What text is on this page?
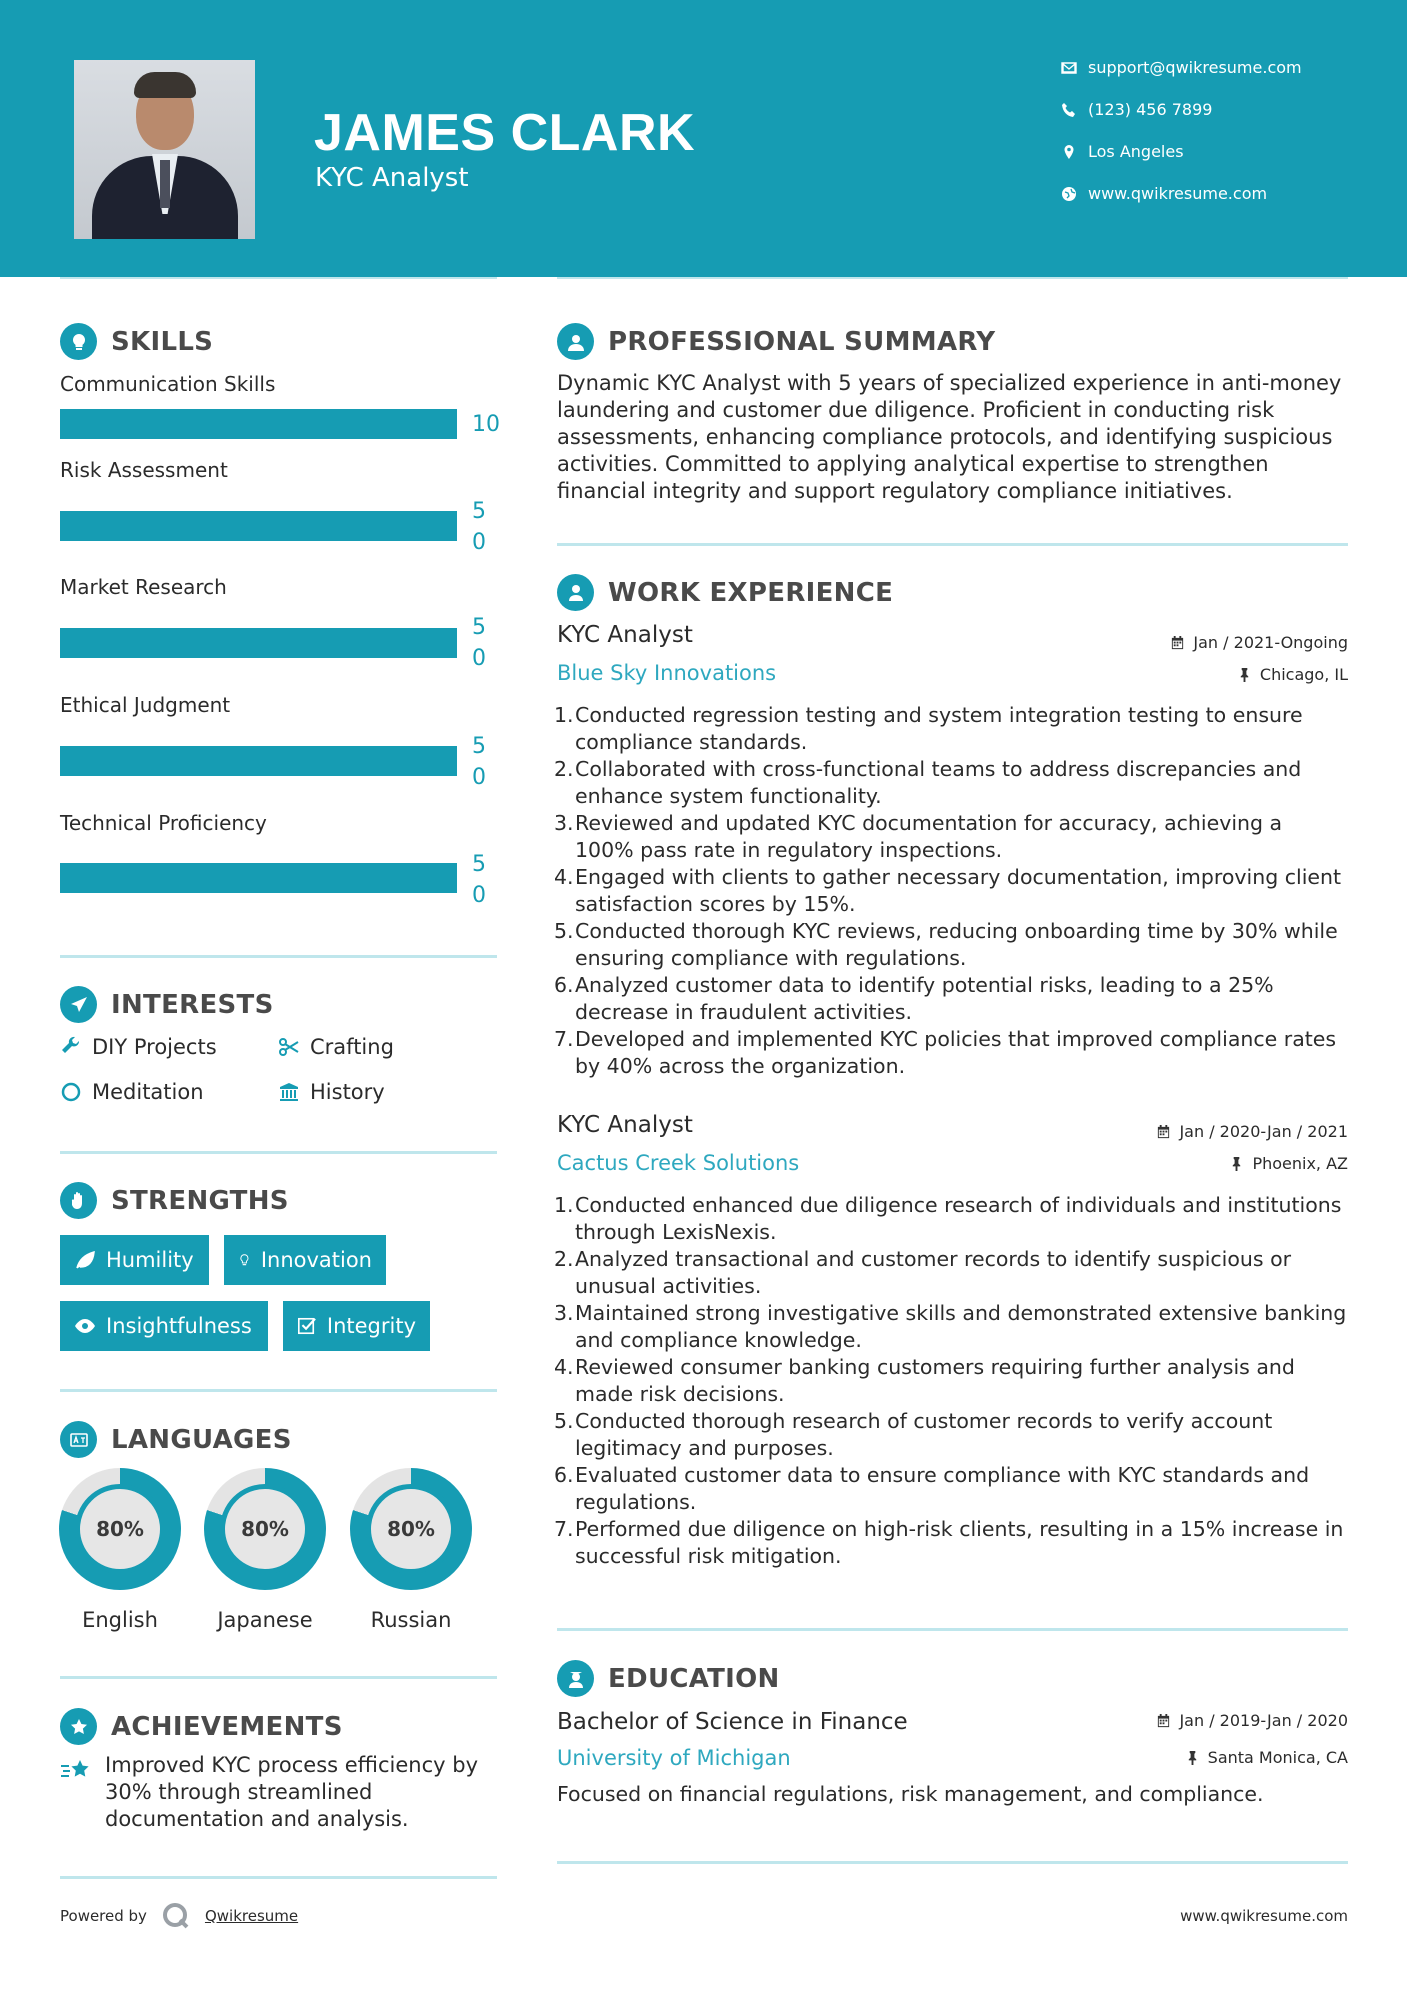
JAMES CLARK
KYC Analyst
support@qwikresume.com
(123) 456 7899
Los Angeles
www.qwikresume.com
SKILLS
Communication Skills
10
Risk Assessment
50
Market Research
50
Ethical Judgment
50
Technical Proficiency
50
INTERESTS
DIY Projects	Crafting
Meditation	History
STRENGTHS
Humility	Innovation
Insightfulness	Integrity
LANGUAGES
80%
English
80%
Japanese
80%
Russian
ACHIEVEMENTS
Improved KYC process efficiency by 30% through streamlined documentation and analysis.
PROFESSIONAL SUMMARY
Dynamic KYC Analyst with 5 years of specialized experience in anti-money laundering and customer due diligence. Proficient in conducting risk assessments, enhancing compliance protocols, and identifying suspicious activities. Committed to applying analytical expertise to strengthen financial integrity and support regulatory compliance initiatives.
WORK EXPERIENCE
KYC Analyst	Jan / 2021-Ongoing
Blue Sky Innovations	Chicago, IL
1. Conducted regression testing and system integration testing to ensure compliance standards.
2. Collaborated with cross-functional teams to address discrepancies and enhance system functionality.
3. Reviewed and updated KYC documentation for accuracy, achieving a 100% pass rate in regulatory inspections.
4. Engaged with clients to gather necessary documentation, improving client satisfaction scores by 15%.
5. Conducted thorough KYC reviews, reducing onboarding time by 30% while ensuring compliance with regulations.
6. Analyzed customer data to identify potential risks, leading to a 25% decrease in fraudulent activities.
7. Developed and implemented KYC policies that improved compliance rates by 40% across the organization.
KYC Analyst	Jan / 2020-Jan / 2021
Cactus Creek Solutions	Phoenix, AZ
1. Conducted enhanced due diligence research of individuals and institutions through LexisNexis.
2. Analyzed transactional and customer records to identify suspicious or unusual activities.
3. Maintained strong investigative skills and demonstrated extensive banking and compliance knowledge.
4. Reviewed consumer banking customers requiring further analysis and made risk decisions.
5. Conducted thorough research of customer records to verify account legitimacy and purposes.
6. Evaluated customer data to ensure compliance with KYC standards and regulations.
7. Performed due diligence on high-risk clients, resulting in a 15% increase in successful risk mitigation.
EDUCATION
Bachelor of Science in Finance	Jan / 2019-Jan / 2020
University of Michigan	Santa Monica, CA
Focused on financial regulations, risk management, and compliance.
Powered by	Qwikresume	www.qwikresume.com
